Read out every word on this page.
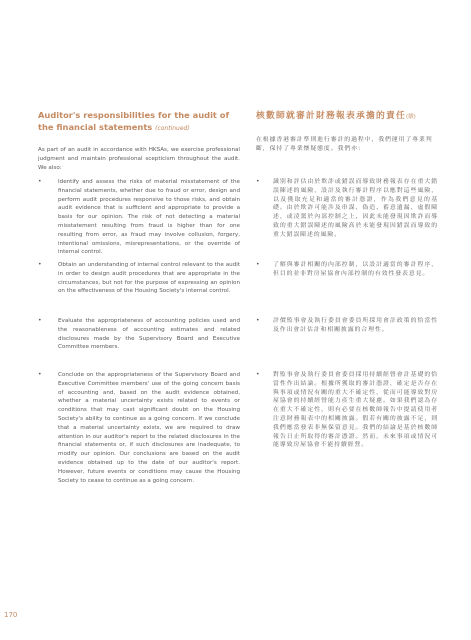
Auditor's responsibilities for the audit of the financial statements (continued)

As part of an audit in accordance with HKSAs, we exercise professional judgment and maintain professional scepticism throughout the audit. We also:

•	Identify and assess the risks of material misstatement of the financial statements, whether due to fraud or error, design and perform audit procedures responsive to those risks, and obtain audit evidence that is sufficient and appropriate to provide a basis for our opinion. The risk of not detecting a material misstatement resulting from fraud is higher than for one resulting from error, as fraud may involve collusion, forgery, intentional omissions, misrepresentations, or the override of internal control.
•	Obtain an understanding of internal control relevant to the audit in order to design audit procedures that are appropriate in the circumstances, but not for the purpose of expressing an opinion on the effectiveness of the Housing Society's internal control.
•	Evaluate the appropriateness of accounting policies used and the reasonableness of accounting estimates and related disclosures made by the Supervisory Board and Executive Committee members.
•	Conclude on the appropriateness of the Supervisory Board and Executive Committee members' use of the going concern basis of accounting and, based on the audit evidence obtained, whether a material uncertainty exists related to events or conditions that may cast significant doubt on the Housing Society's ability to continue as a going concern. If we conclude that a material uncertainty exists, we are required to draw attention in our auditor's report to the related disclosures in the financial statements or, if such disclosures are inadequate, to modify our opinion. Our conclusions are based on the audit evidence obtained up to the date of our auditor's report. However, future events or conditions may cause the Housing Society to cease to continue as a going concern.
核數師就審計財務報表承擔的責任(續)

在根據香港審計準則進行審計的過程中，我們運用了專業判斷，保持了專業懷疑態度。我們亦：

• 識別和評估由於欺詐或錯誤而導致財務報表存在重大錯誤陳述的風險，設計及執行審計程序以應對這些風險，以及獲取充足和適當的審計憑證，作為我們意見的基礎。由於欺詐可能涉及串謀、偽造、蓄意遺漏、虛假陳述，或凌駕於內部控制之上，因此未能發現因欺詐而導致的重大錯誤陳述的風險高於未能發現因錯誤而導致的重大錯誤陳述的風險。
• 了解與審計相關的內部控制，以設計適當的審計程序，但目的並非對房屋協會內部控制的有效性發表意見。
• 評價監事會及執行委員會委員所採用會計政策的恰當性及作出會計估計和相關披露的合理性。
• 對監事會及執行委員會委員採用持續經營會計基礎的恰當性作出結論。根據所獲取的審計憑證，確定是否存在與事項或情況有關的重大不確定性，從而可能導致對房屋協會的持續經營能力產生重大疑慮。如果我們認為存在重大不確定性，則有必要在核數師報告中提請使用者注意財務報表中的相關披露。假若有關的披露不足，則我們應當發表非無保留意見。我們的結論是基於核數師報告日止所取得的審計憑證。然而，未來事項或情況可能導致房屋協會不能持續經營。
170
